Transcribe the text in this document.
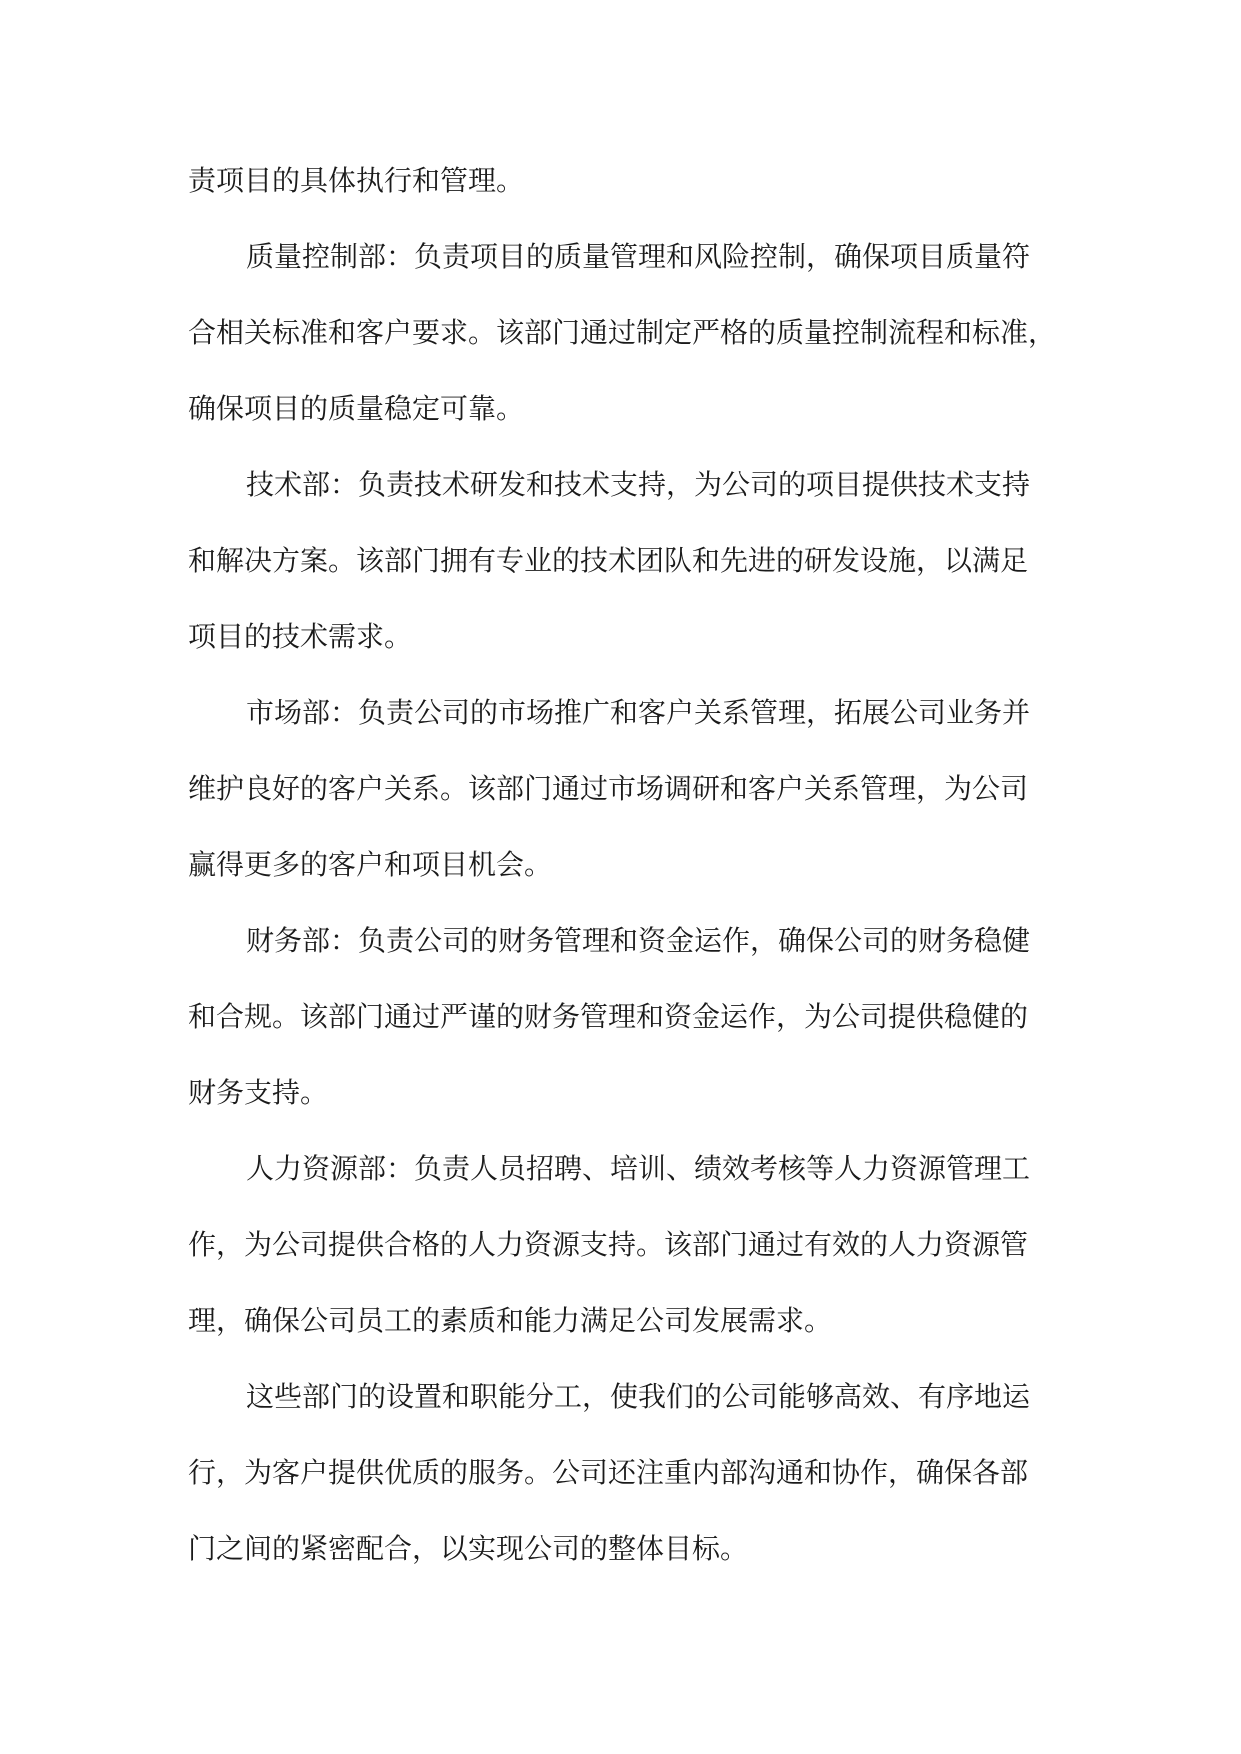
责项目的具体执行和管理。

质量控制部：负责项目的质量管理和风险控制，确保项目质量符
合相关标准和客户要求。该部门通过制定严格的质量控制流程和标准，
确保项目的质量稳定可靠。

技术部：负责技术研发和技术支持，为公司的项目提供技术支持
和解决方案。该部门拥有专业的技术团队和先进的研发设施，以满足
项目的技术需求。

市场部：负责公司的市场推广和客户关系管理，拓展公司业务并
维护良好的客户关系。该部门通过市场调研和客户关系管理，为公司
赢得更多的客户和项目机会。

财务部：负责公司的财务管理和资金运作，确保公司的财务稳健
和合规。该部门通过严谨的财务管理和资金运作，为公司提供稳健的
财务支持。

人力资源部：负责人员招聘、培训、绩效考核等人力资源管理工
作，为公司提供合格的人力资源支持。该部门通过有效的人力资源管
理，确保公司员工的素质和能力满足公司发展需求。

这些部门的设置和职能分工，使我们的公司能够高效、有序地运
行，为客户提供优质的服务。公司还注重内部沟通和协作，确保各部
门之间的紧密配合，以实现公司的整体目标。
